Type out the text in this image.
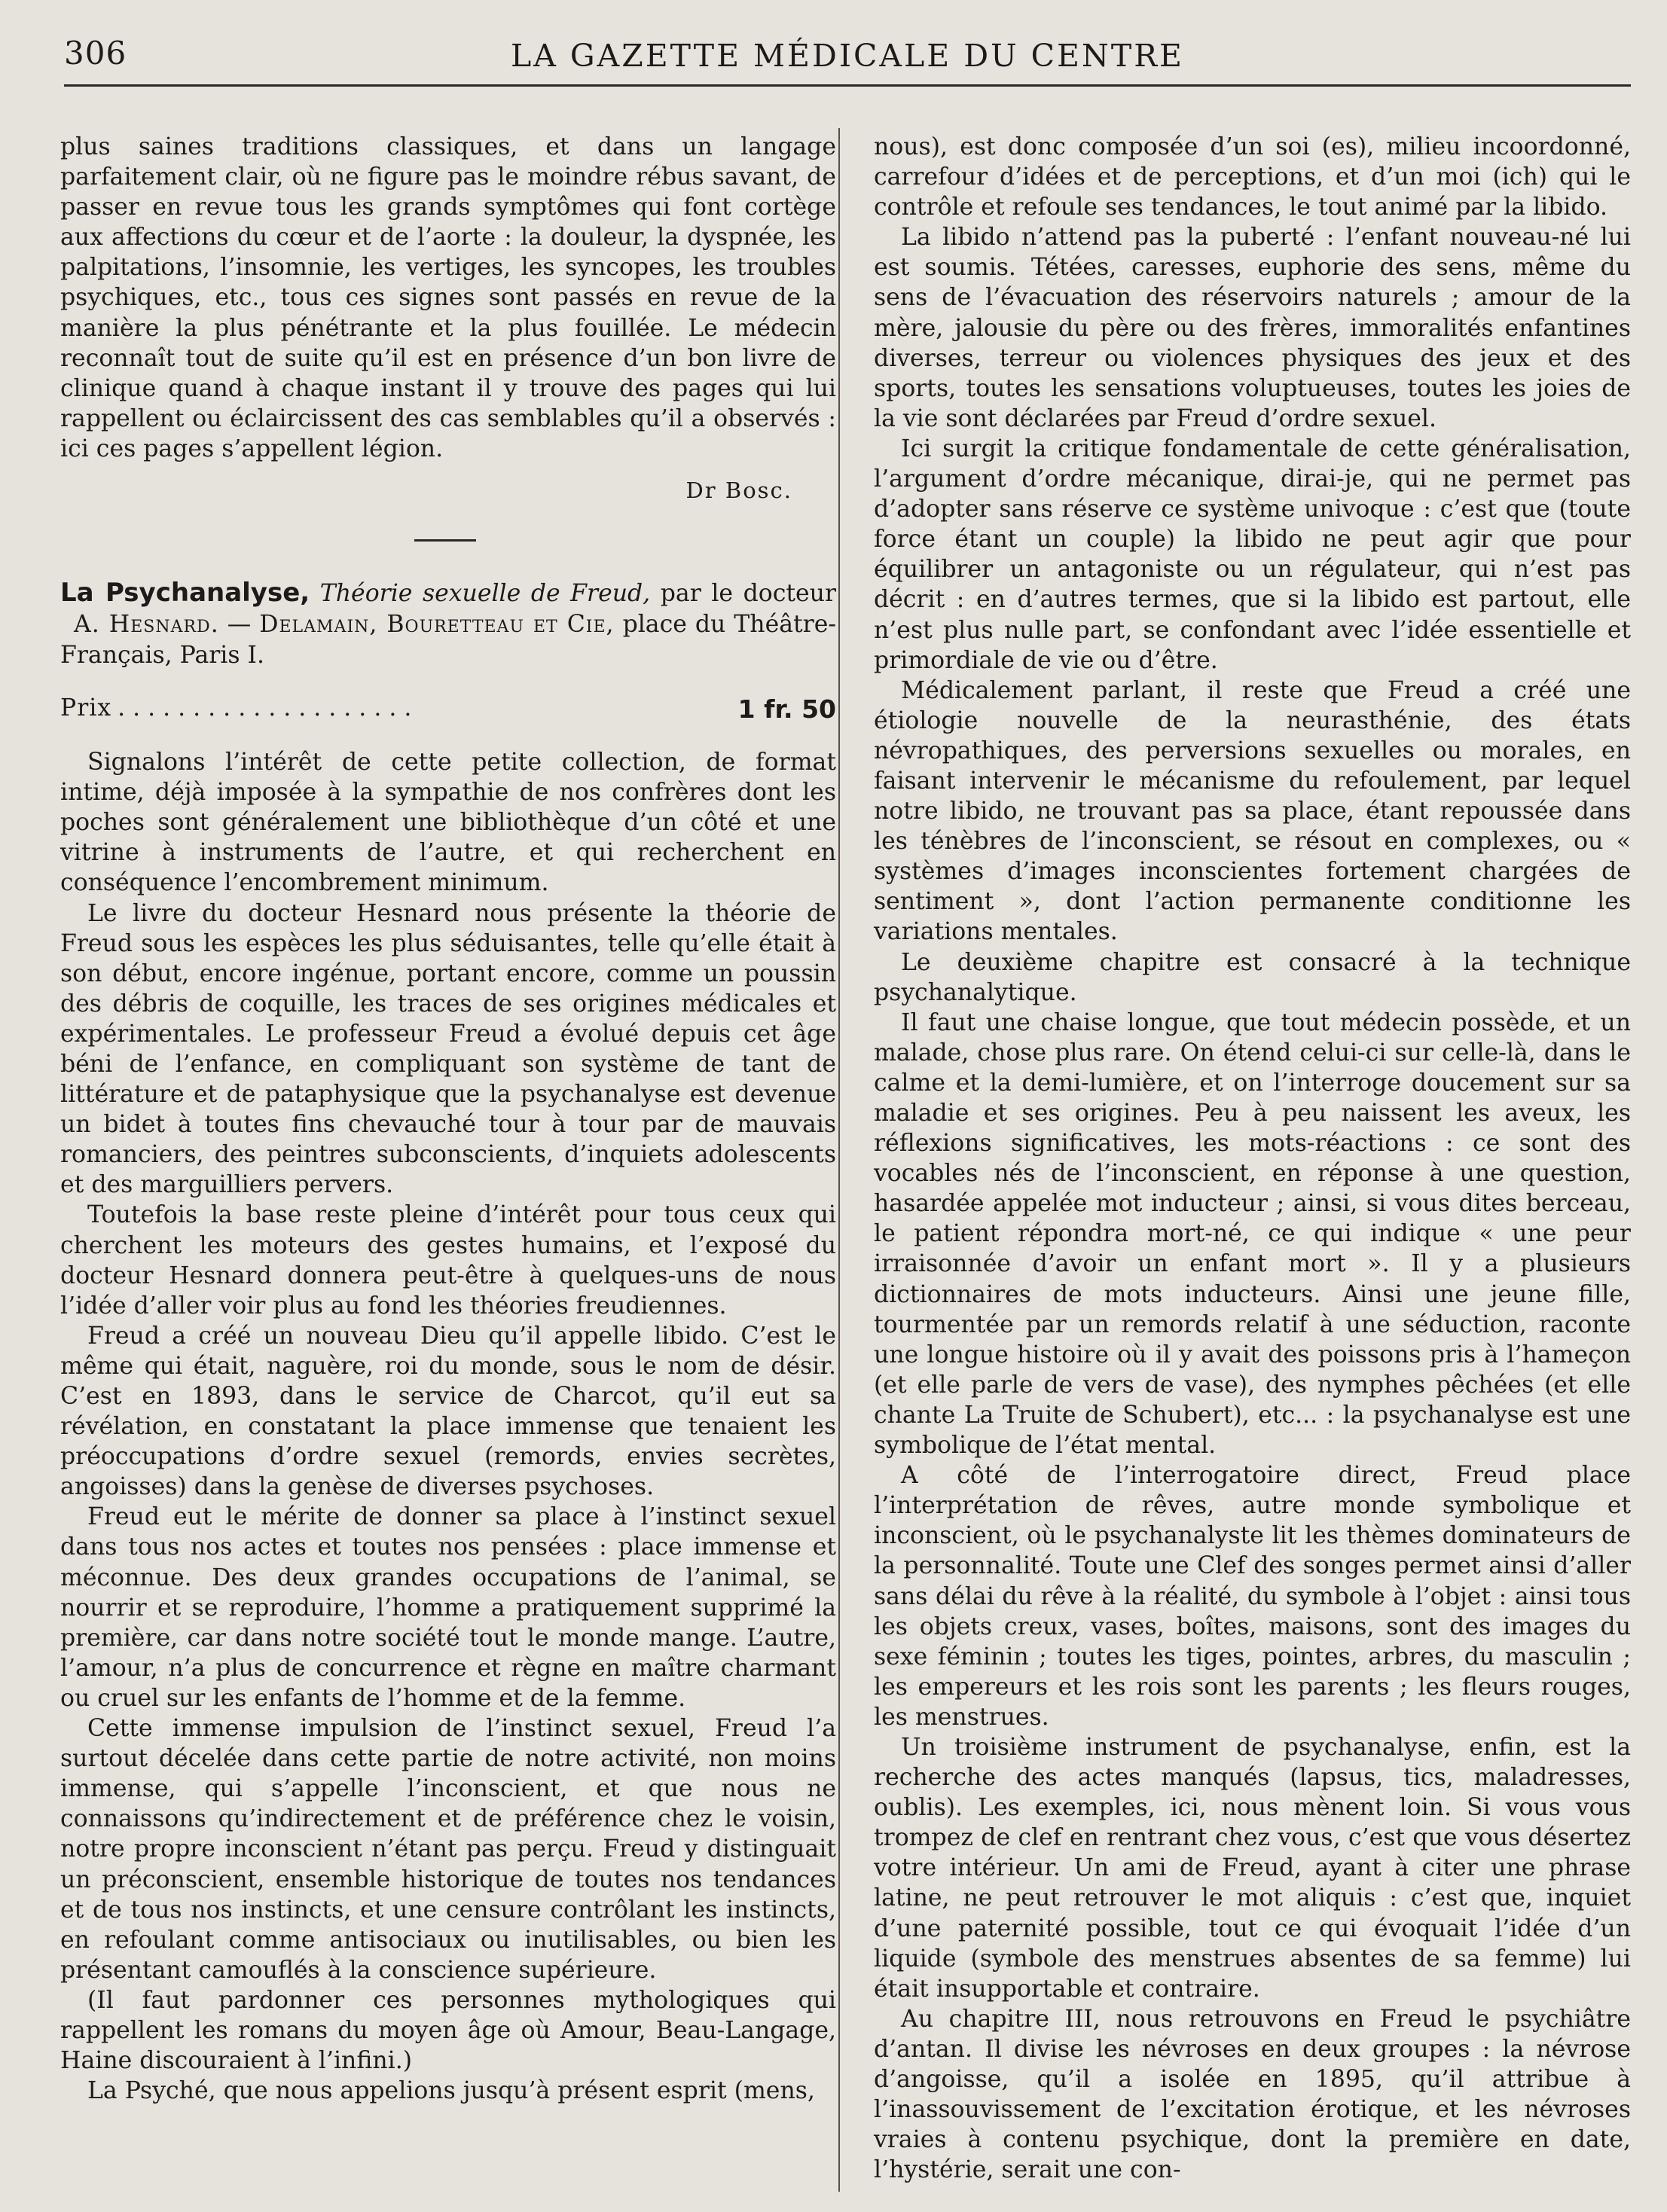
306	LA GAZETTE MÉDICALE DU CENTRE

plus saines traditions classiques, et dans un langage parfaitement clair, où ne figure pas le moindre rébus savant, de passer en revue tous les grands symptômes qui font cortège aux affections du cœur et de l’aorte : la douleur, la dyspnée, les palpitations, l’insomnie, les vertiges, les syncopes, les troubles psychiques, etc., tous ces signes sont passés en revue de la manière la plus pénétrante et la plus fouillée. Le médecin reconnaît tout de suite qu’il est en présence d’un bon livre de clinique quand à chaque instant il y trouve des pages qui lui rappellent ou éclaircissent des cas semblables qu’il a observés : ici ces pages s’appellent légion.

Dr Bosc.
La Psychanalyse, Théorie sexuelle de Freud, par le docteur A. Hesnard. — Delamain, Bouretteau et Cie, place du Théâtre-Français, Paris I.
Prix ....................	1 fr. 50

Signalons l’intérêt de cette petite collection, de format intime, déjà imposée à la sympathie de nos confrères dont les poches sont généralement une bibliothèque d’un côté et une vitrine à instruments de l’autre, et qui recherchent en conséquence l’encombrement minimum.

Le livre du docteur Hesnard nous présente la théorie de Freud sous les espèces les plus séduisantes, telle qu’elle était à son début, encore ingénue, portant encore, comme un poussin des débris de coquille, les traces de ses origines médicales et expérimentales. Le professeur Freud a évolué depuis cet âge béni de l’enfance, en compliquant son système de tant de littérature et de pataphysique que la psychanalyse est devenue un bidet à toutes fins chevauché tour à tour par de mauvais romanciers, des peintres subconscients, d’inquiets adolescents et des marguilliers pervers.

Toutefois la base reste pleine d’intérêt pour tous ceux qui cherchent les moteurs des gestes humains, et l’exposé du docteur Hesnard donnera peut-être à quelques-uns de nous l’idée d’aller voir plus au fond les théories freudiennes.

Freud a créé un nouveau Dieu qu’il appelle libido. C’est le même qui était, naguère, roi du monde, sous le nom de désir. C’est en 1893, dans le service de Charcot, qu’il eut sa révélation, en constatant la place immense que tenaient les préoccupations d’ordre sexuel (remords, envies secrètes, angoisses) dans la genèse de diverses psychoses.

Freud eut le mérite de donner sa place à l’instinct sexuel dans tous nos actes et toutes nos pensées : place immense et méconnue. Des deux grandes occupations de l’animal, se nourrir et se reproduire, l’homme a pratiquement supprimé la première, car dans notre société tout le monde mange. L’autre, l’amour, n’a plus de concurrence et règne en maître charmant ou cruel sur les enfants de l’homme et de la femme.

Cette immense impulsion de l’instinct sexuel, Freud l’a surtout décelée dans cette partie de notre activité, non moins immense, qui s’appelle l’inconscient, et que nous ne connaissons qu’indirectement et de préférence chez le voisin, notre propre inconscient n’étant pas perçu. Freud y distinguait un préconscient, ensemble historique de toutes nos tendances et de tous nos instincts, et une censure contrôlant les instincts, en refoulant comme antisociaux ou inutilisables, ou bien les présentant camouflés à la conscience supérieure.

(Il faut pardonner ces personnes mythologiques qui rappellent les romans du moyen âge où Amour, Beau-Langage, Haine discouraient à l’infini.)

La Psyché, que nous appelions jusqu’à présent esprit (mens,

nous), est donc composée d’un soi (es), milieu incoordonné, carrefour d’idées et de perceptions, et d’un moi (ich) qui le contrôle et refoule ses tendances, le tout animé par la libido.

La libido n’attend pas la puberté : l’enfant nouveau-né lui est soumis. Tétées, caresses, euphorie des sens, même du sens de l’évacuation des réservoirs naturels ; amour de la mère, jalousie du père ou des frères, immoralités enfantines diverses, terreur ou violences physiques des jeux et des sports, toutes les sensations voluptueuses, toutes les joies de la vie sont déclarées par Freud d’ordre sexuel.

Ici surgit la critique fondamentale de cette généralisation, l’argument d’ordre mécanique, dirai-je, qui ne permet pas d’adopter sans réserve ce système univoque : c’est que (toute force étant un couple) la libido ne peut agir que pour équilibrer un antagoniste ou un régulateur, qui n’est pas décrit : en d’autres termes, que si la libido est partout, elle n’est plus nulle part, se confondant avec l’idée essentielle et primordiale de vie ou d’être.

Médicalement parlant, il reste que Freud a créé une étiologie nouvelle de la neurasthénie, des états névropathiques, des perversions sexuelles ou morales, en faisant intervenir le mécanisme du refoulement, par lequel notre libido, ne trouvant pas sa place, étant repoussée dans les ténèbres de l’inconscient, se résout en complexes, ou « systèmes d’images inconscientes fortement chargées de sentiment », dont l’action permanente conditionne les variations mentales.

Le deuxième chapitre est consacré à la technique psychanalytique.

Il faut une chaise longue, que tout médecin possède, et un malade, chose plus rare. On étend celui-ci sur celle-là, dans le calme et la demi-lumière, et on l’interroge doucement sur sa maladie et ses origines. Peu à peu naissent les aveux, les réflexions significatives, les mots-réactions : ce sont des vocables nés de l’inconscient, en réponse à une question, hasardée appelée mot inducteur ; ainsi, si vous dites berceau, le patient répondra mort-né, ce qui indique « une peur irraisonnée d’avoir un enfant mort ». Il y a plusieurs dictionnaires de mots inducteurs. Ainsi une jeune fille, tourmentée par un remords relatif à une séduction, raconte une longue histoire où il y avait des poissons pris à l’hameçon (et elle parle de vers de vase), des nymphes pêchées (et elle chante La Truite de Schubert), etc... : la psychanalyse est une symbolique de l’état mental.

A côté de l’interrogatoire direct, Freud place l’interprétation de rêves, autre monde symbolique et inconscient, où le psychanalyste lit les thèmes dominateurs de la personnalité. Toute une Clef des songes permet ainsi d’aller sans délai du rêve à la réalité, du symbole à l’objet : ainsi tous les objets creux, vases, boîtes, maisons, sont des images du sexe féminin ; toutes les tiges, pointes, arbres, du masculin ; les empereurs et les rois sont les parents ; les fleurs rouges, les menstrues.

Un troisième instrument de psychanalyse, enfin, est la recherche des actes manqués (lapsus, tics, maladresses, oublis). Les exemples, ici, nous mènent loin. Si vous vous trompez de clef en rentrant chez vous, c’est que vous désertez votre intérieur. Un ami de Freud, ayant à citer une phrase latine, ne peut retrouver le mot aliquis : c’est que, inquiet d’une paternité possible, tout ce qui évoquait l’idée d’un liquide (symbole des menstrues absentes de sa femme) lui était insupportable et contraire.

Au chapitre III, nous retrouvons en Freud le psychiâtre d’antan. Il divise les névroses en deux groupes : la névrose d’angoisse, qu’il a isolée en 1895, qu’il attribue à l’inassouvissement de l’excitation érotique, et les névroses vraies à contenu psychique, dont la première en date, l’hystérie, serait une con-
